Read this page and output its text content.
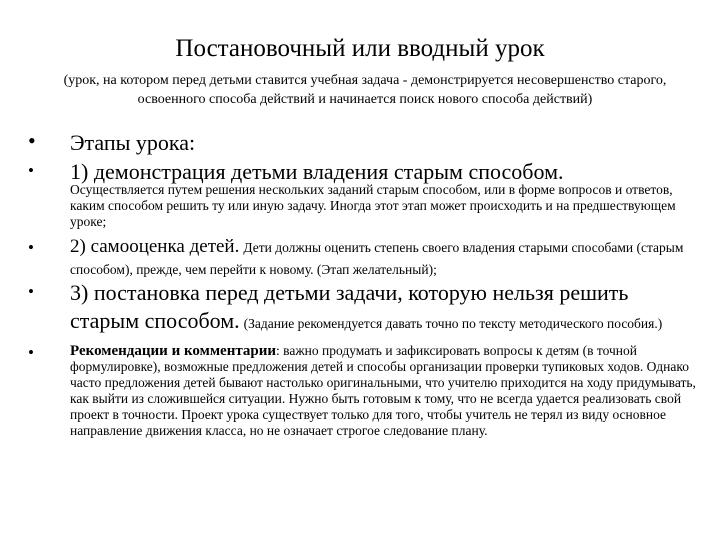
Постановочный или вводный урок
(урок, на котором перед детьми ставится учебная задача - демонстрируется несовершенство старого, освоенного способа действий и начинается поиск нового способа действий)
• Этапы урока:
• 1) демонстрация детьми владения старым способом.
Осуществляется путем решения нескольких заданий старым способом, или в форме вопросов и ответов, каким способом решить ту или иную задачу. Иногда этот этап может происходить и на предшествующем уроке;
• 2) самооценка детей. Дети должны оценить степень своего владения старыми способами (старым способом), прежде, чем перейти к новому. (Этап желательный);
• 3) постановка перед детьми задачи, которую нельзя решить старым способом. (Задание рекомендуется давать точно по тексту методического пособия.)
• Рекомендации и комментарии: важно продумать и зафиксировать вопросы к детям (в точной формулировке), возможные предложения детей и способы организации проверки тупиковых ходов. Однако часто предложения детей бывают настолько оригинальными, что учителю приходится на ходу придумывать, как выйти из сложившейся ситуации. Нужно быть готовым к тому, что не всегда удается реализовать свой проект в точности. Проект урока существует только для того, чтобы учитель не терял из виду основное направление движения класса, но не означает строгое следование плану.
